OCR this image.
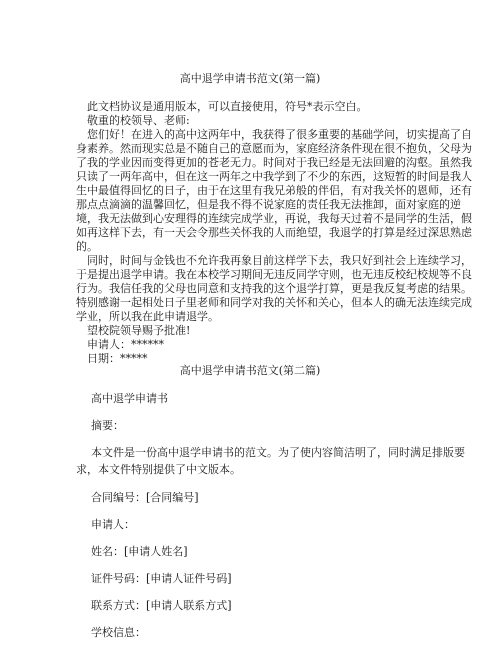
高中退学申请书范文(第一篇)
此文档协议是通用版本，可以直接使用，符号*表示空白。
敬重的校领导、老师:
您们好！在进入的高中这两年中，我获得了很多重要的基础学问，切实提高了自
身素养。然而现实总是不随自己的意愿而为，家庭经济条件现在很不抱负，父母为
了我的学业因而变得更加的苍老无力。时间对于我已经是无法回避的沟壑。虽然我
只读了一两年高中，但在这一两年之中我学到了不少的东西，这短暂的时间是我人
生中最值得回忆的日子，由于在这里有我兄弟般的伴侣，有对我关怀的恩师，还有
那点点滴滴的温馨回忆，但是我不得不说家庭的责任我无法推卸，面对家庭的逆
境，我无法做到心安理得的连续完成学业，再说，我每天过着不是同学的生活，假
如再这样下去，有一天会令那些关怀我的人而绝望，我退学的打算是经过深思熟虑
的。
同时，时间与金钱也不允许我再象目前这样学下去，我只好到社会上连续学习，
于是提出退学申请。我在本校学习期间无违反同学守则，也无违反校纪校规等不良
行为。我信任我的父母也同意和支持我的这个退学打算，更是我反复考虑的结果。
特别感谢一起相处日子里老师和同学对我的关怀和关心，但本人的确无法连续完成
学业，所以我在此申请退学。
望校院领导赐予批准!
申请人：******
日期：*****
高中退学申请书范文(第二篇)
高中退学申请书
摘要：
本文件是一份高中退学申请书的范文。为了使内容简洁明了，同时满足排版要
求，本文件特别提供了中文版本。
合同编号：[合同编号]
申请人：
姓名：[申请人姓名]
证件号码：[申请人证件号码]
联系方式：[申请人联系方式]
学校信息：
